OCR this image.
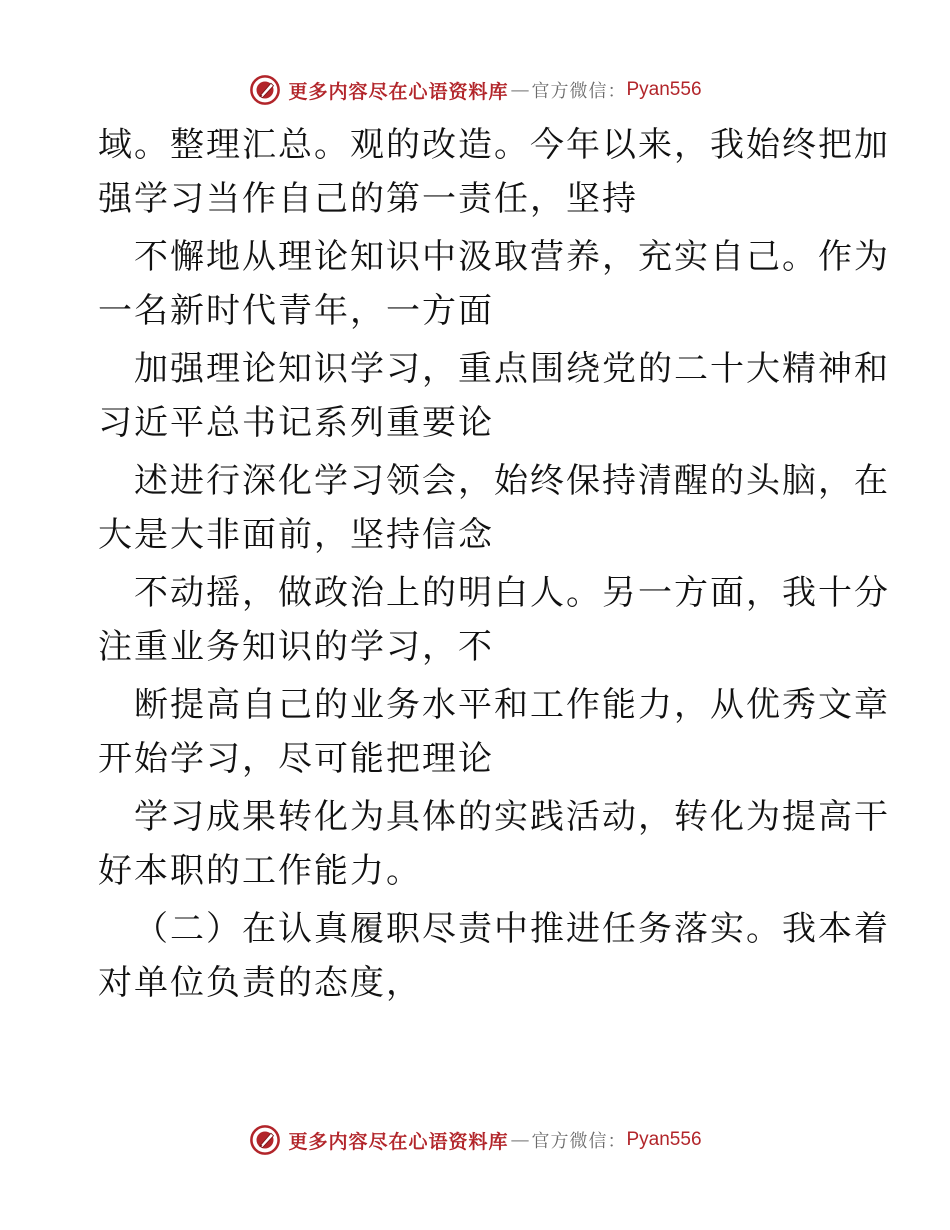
更多内容尽在心语资料库 — 官方微信： Pyan556
域。整理汇总。观的改造。今年以来，我始终把加
强学习当作自己的第一责任，坚持
不懈地从理论知识中汲取营养，充实自己。作为
一名新时代青年，一方面
加强理论知识学习，重点围绕党的二十大精神和
习近平总书记系列重要论
述进行深化学习领会，始终保持清醒的头脑，在
大是大非面前，坚持信念
不动摇，做政治上的明白人。另一方面，我十分
注重业务知识的学习，不
断提高自己的业务水平和工作能力，从优秀文章
开始学习，尽可能把理论
学习成果转化为具体的实践活动，转化为提高干
好本职的工作能力。
（二）在认真履职尽责中推进任务落实。我本着
对单位负责的态度，
更多内容尽在心语资料库 — 官方微信： Pyan556
